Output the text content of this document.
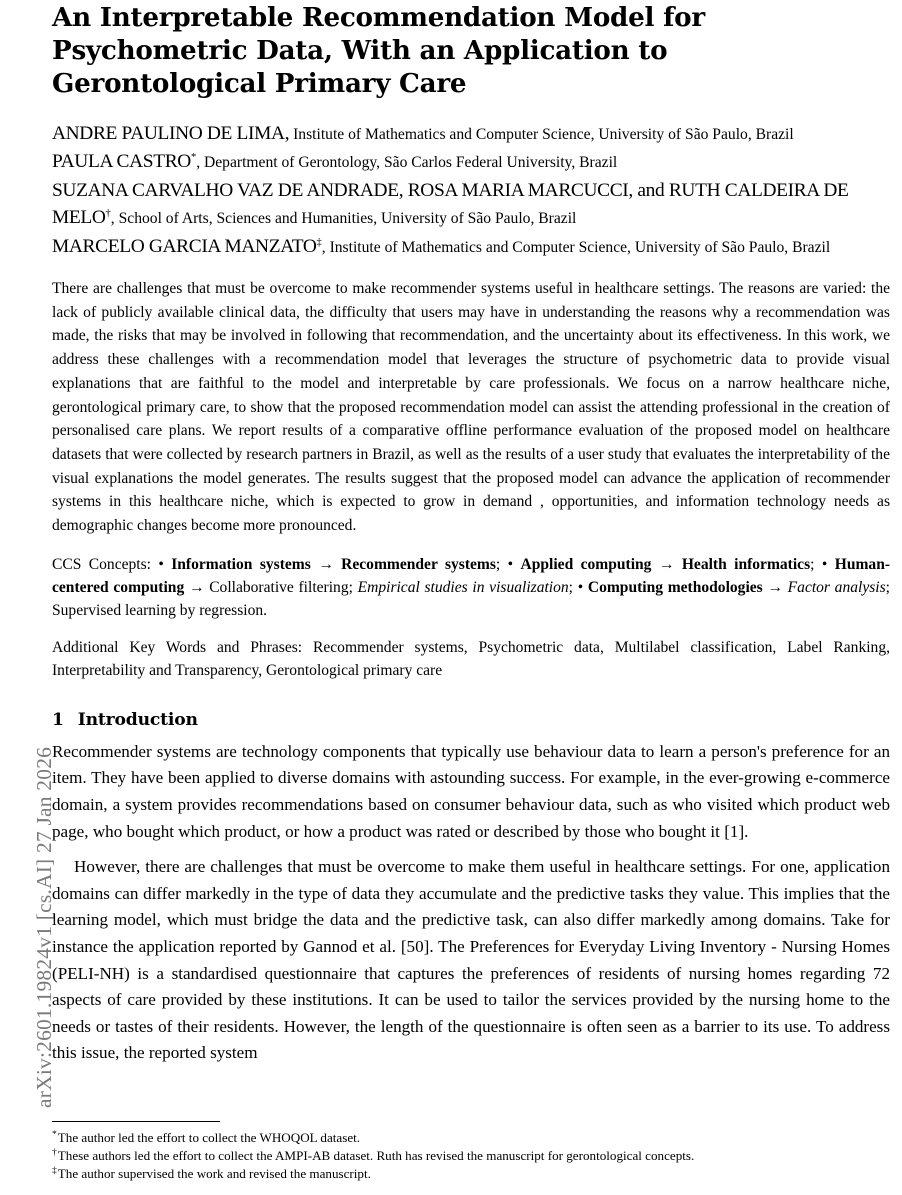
arXiv:2601.19824v1 [cs.AI] 27 Jan 2026
An Interpretable Recommendation Model for Psychometric Data, With an Application to Gerontological Primary Care

ANDRE PAULINO DE LIMA, Institute of Mathematics and Computer Science, University of São Paulo, Brazil

PAULA CASTRO*, Department of Gerontology, São Carlos Federal University, Brazil

SUZANA CARVALHO VAZ DE ANDRADE, ROSA MARIA MARCUCCI, and RUTH CALDEIRA DE MELO†, School of Arts, Sciences and Humanities, University of São Paulo, Brazil

MARCELO GARCIA MANZATO‡, Institute of Mathematics and Computer Science, University of São Paulo, Brazil

There are challenges that must be overcome to make recommender systems useful in healthcare settings. The reasons are varied: the lack of publicly available clinical data, the difficulty that users may have in understanding the reasons why a recommendation was made, the risks that may be involved in following that recommendation, and the uncertainty about its effectiveness. In this work, we address these challenges with a recommendation model that leverages the structure of psychometric data to provide visual explanations that are faithful to the model and interpretable by care professionals. We focus on a narrow healthcare niche, gerontological primary care, to show that the proposed recommendation model can assist the attending professional in the creation of personalised care plans. We report results of a comparative offline performance evaluation of the proposed model on healthcare datasets that were collected by research partners in Brazil, as well as the results of a user study that evaluates the interpretability of the visual explanations the model generates. The results suggest that the proposed model can advance the application of recommender systems in this healthcare niche, which is expected to grow in demand , opportunities, and information technology needs as demographic changes become more pronounced.
CCS Concepts: • Information systems → Recommender systems; • Applied computing → Health informatics; • Human-centered computing → Collaborative filtering; Empirical studies in visualization; • Computing methodologies → Factor analysis; Supervised learning by regression.
Additional Key Words and Phrases: Recommender systems, Psychometric data, Multilabel classification, Label Ranking, Interpretability and Transparency, Gerontological primary care
1 Introduction

Recommender systems are technology components that typically use behaviour data to learn a person's preference for an item. They have been applied to diverse domains with astounding success. For example, in the ever-growing e-commerce domain, a system provides recommendations based on consumer behaviour data, such as who visited which product web page, who bought which product, or how a product was rated or described by those who bought it [1].

However, there are challenges that must be overcome to make them useful in healthcare settings. For one, application domains can differ markedly in the type of data they accumulate and the predictive tasks they value. This implies that the learning model, which must bridge the data and the predictive task, can also differ markedly among domains. Take for instance the application reported by Gannod et al. [50]. The Preferences for Everyday Living Inventory - Nursing Homes (PELI-NH) is a standardised questionnaire that captures the preferences of residents of nursing homes regarding 72 aspects of care provided by these institutions. It can be used to tailor the services provided by the nursing home to the needs or tastes of their residents. However, the length of the questionnaire is often seen as a barrier to its use. To address this issue, the reported system

*The author led the effort to collect the WHOQOL dataset.

†These authors led the effort to collect the AMPI-AB dataset. Ruth has revised the manuscript for gerontological concepts.

‡The author supervised the work and revised the manuscript.
